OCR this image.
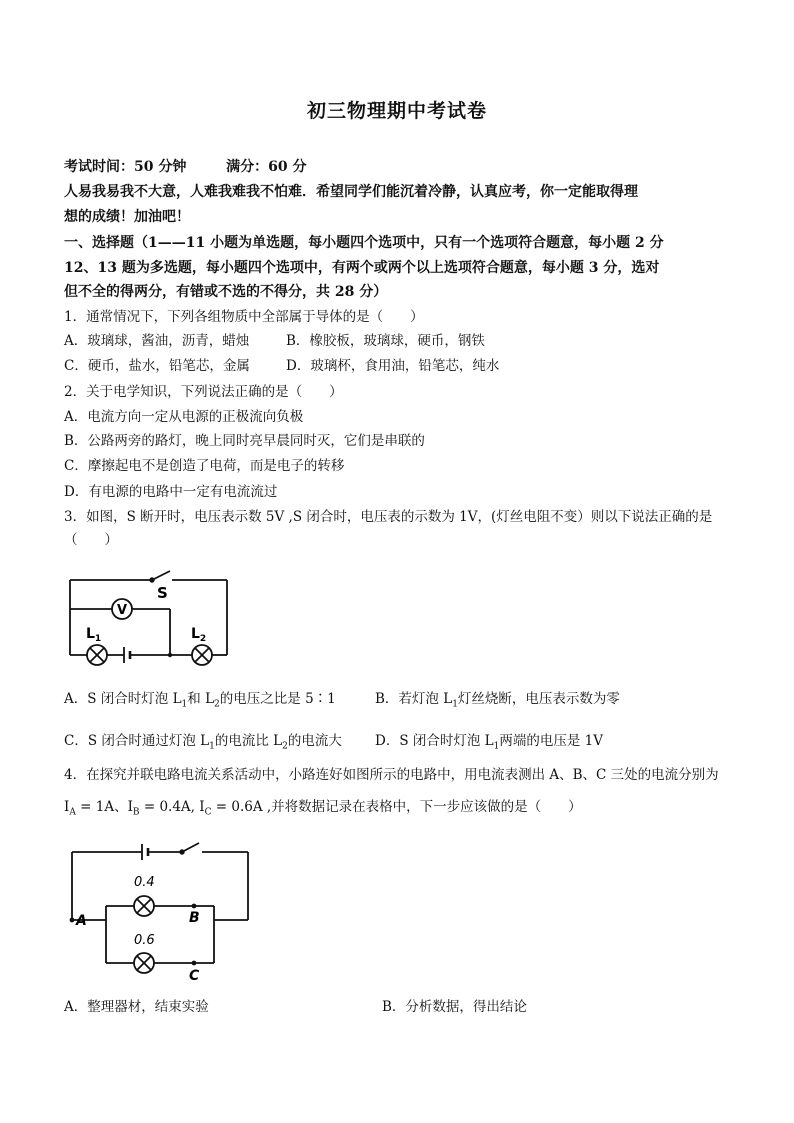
初三物理期中考试卷
考试时间：50 分钟	满分：60 分
人易我易我不大意，人难我难我不怕难．希望同学们能沉着冷静，认真应考，你一定能取得理
想的成绩！加油吧！
一、选择题（1——11 小题为单选题，每小题四个选项中，只有一个选项符合题意，每小题 2 分
12、13 题为多选题，每小题四个选项中，有两个或两个以上选项符合题意，每小题 3 分，选对
但不全的得两分，有错或不选的不得分，共 28 分）
1．通常情况下，下列各组物质中全部属于导体的是（　　）
A．玻璃球，酱油，沥青，蜡烛	B．橡胶板，玻璃球，硬币，钢铁
C．硬币，盐水，铅笔芯，金属	D．玻璃杯，食用油，铅笔芯，纯水
2．关于电学知识，下列说法正确的是（　　）
A．电流方向一定从电源的正极流向负极
B．公路两旁的路灯，晚上同时亮早晨同时灭，它们是串联的
C．摩擦起电不是创造了电荷，而是电子的转移
D．有电源的电路中一定有电流流过
3．如图，S 断开时，电压表示数 5V ,S 闭合时，电压表的示数为 1V，(灯丝电阻不变）则以下说法正确的是
（　　）
V
S
$L_1$	$L_2$
A．S 闭合时灯泡 $L_1$和 $L_2$的电压之比是 5∶1	B．若灯泡 $L_1$灯丝烧断，电压表示数为零
C．S 闭合时通过灯泡 $L_1$的电流比 $L_2$的电流大 D．S 闭合时灯泡 $L_1$两端的电压是 1V
4．在探究并联电路电流关系活动中，小路连好如图所示的电路中，用电流表测出 A、B、C 三处的电流分别为
$I_A = 1A$、$I_B = 0.4A$, $I_C = 0.6A$ ,并将数据记录在表格中，下一步应该做的是（　　）
A	B
C
0.4
0.6
A．整理器材，结束实验	B．分析数据，得出结论
